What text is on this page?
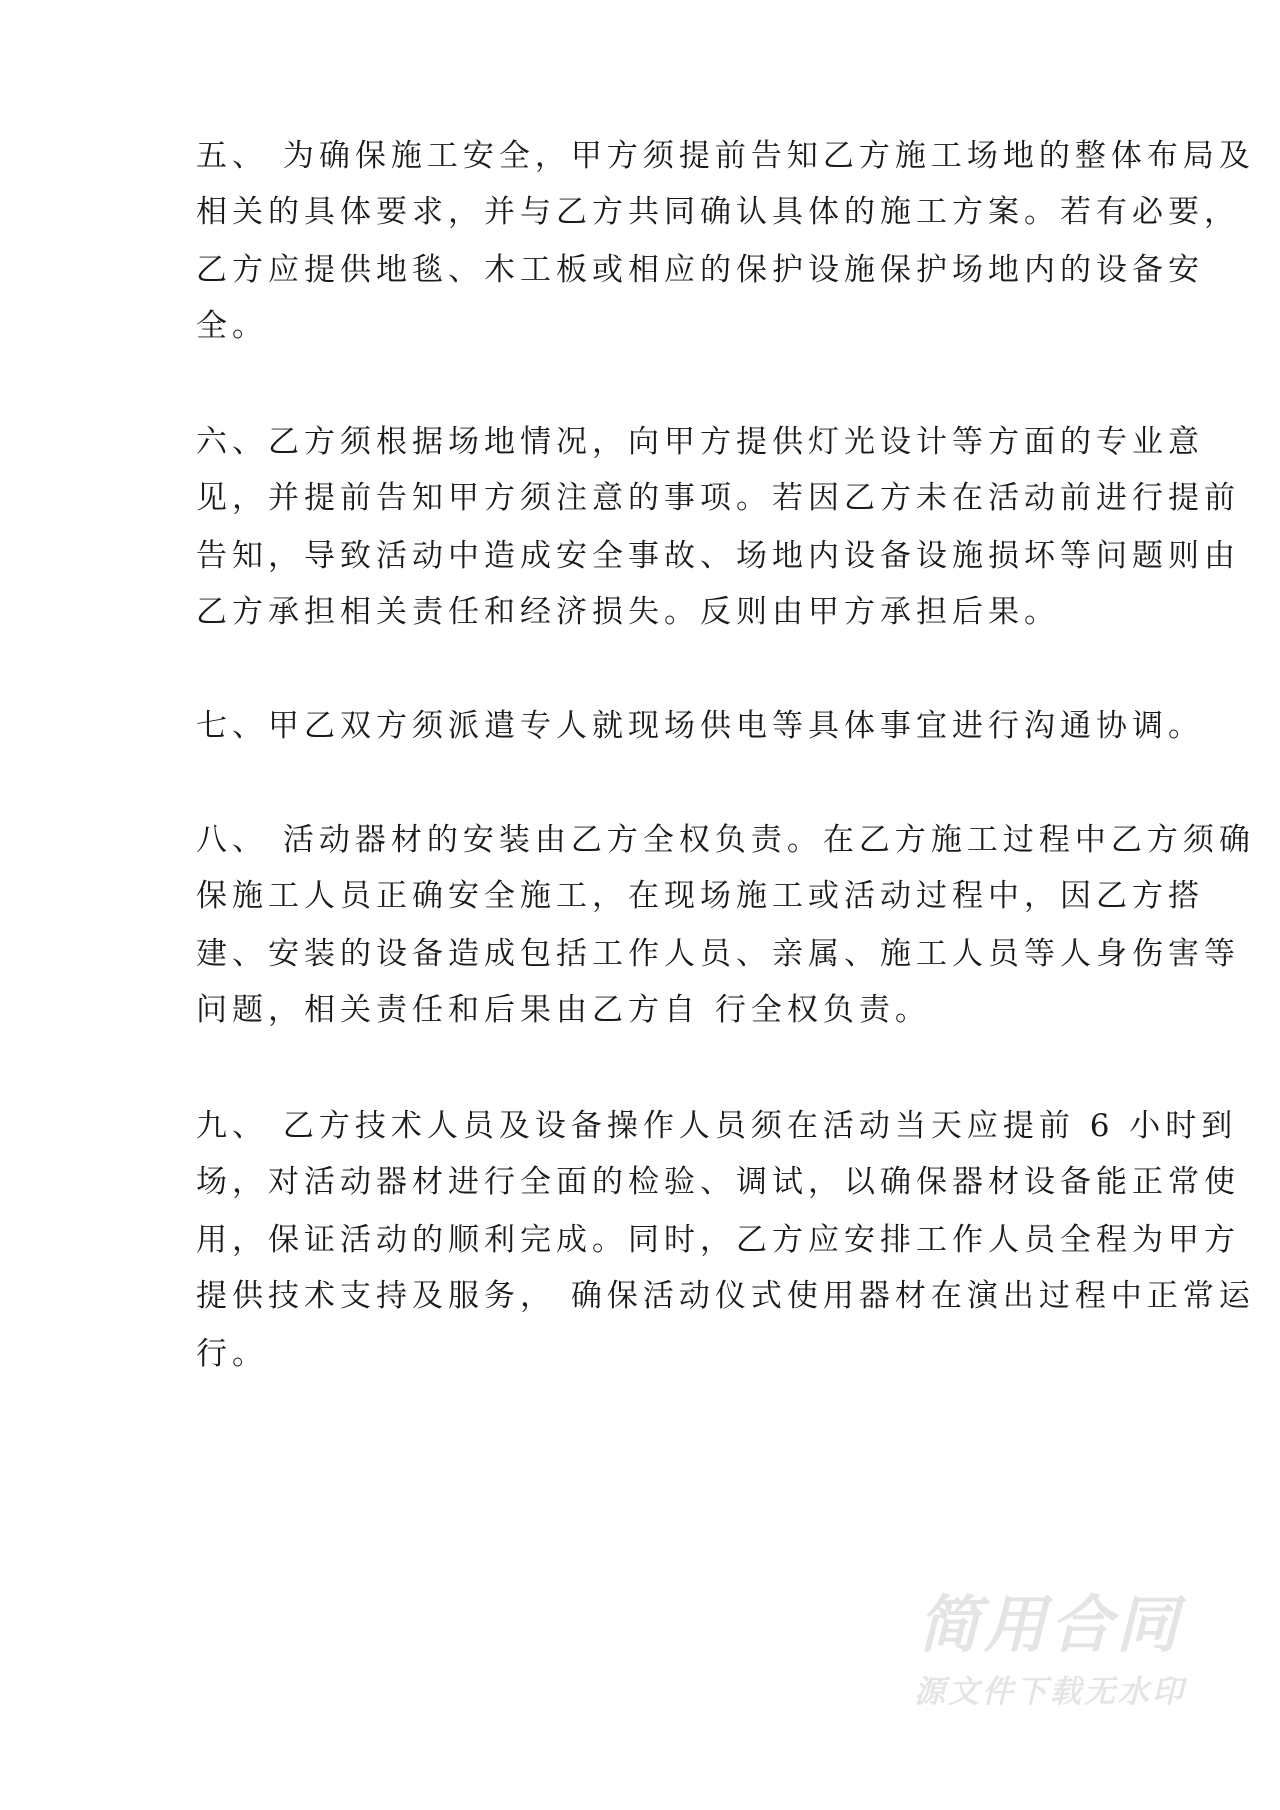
五、 为确保施工安全，甲方须提前告知乙方施工场地的整体布局及
相关的具体要求，并与乙方共同确认具体的施工方案。若有必要，
乙方应提供地毯、木工板或相应的保护设施保护场地内的设备安
全。
六、乙方须根据场地情况，向甲方提供灯光设计等方面的专业意
见，并提前告知甲方须注意的事项。若因乙方未在活动前进行提前
告知，导致活动中造成安全事故、场地内设备设施损坏等问题则由
乙方承担相关责任和经济损失。反则由甲方承担后果。
七、甲乙双方须派遣专人就现场供电等具体事宜进行沟通协调。
八、 活动器材的安装由乙方全权负责。在乙方施工过程中乙方须确
保施工人员正确安全施工，在现场施工或活动过程中，因乙方搭
建、安装的设备造成包括工作人员、亲属、施工人员等人身伤害等
问题，相关责任和后果由乙方自 行全权负责。
九、 乙方技术人员及设备操作人员须在活动当天应提前 6 小时到
场，对活动器材进行全面的检验、调试，以确保器材设备能正常使
用，保证活动的顺利完成。同时，乙方应安排工作人员全程为甲方
提供技术支持及服务， 确保活动仪式使用器材在演出过程中正常运
行。
简用合同
源文件下载无水印
